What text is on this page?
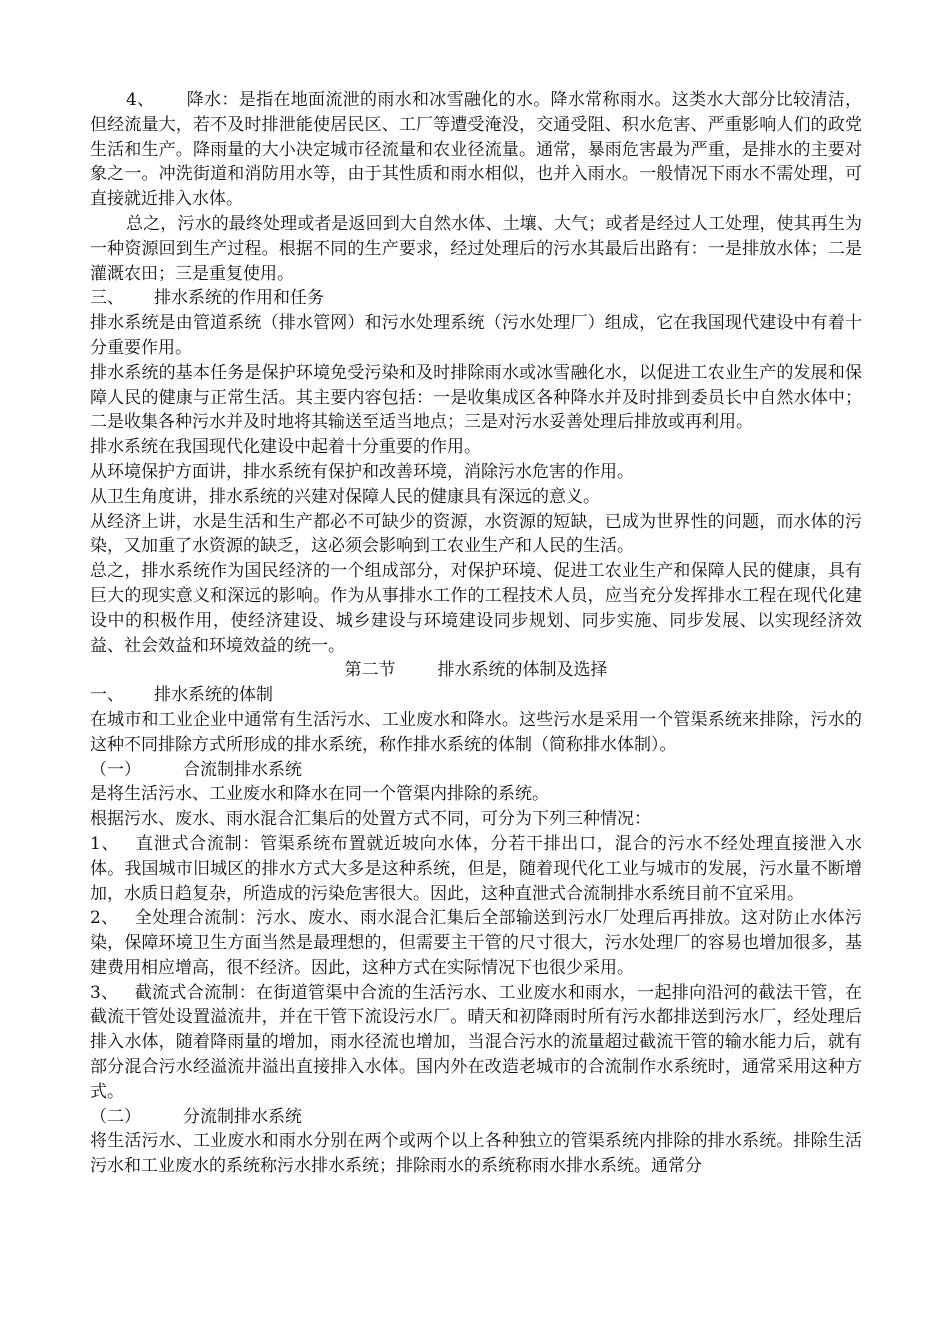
4、 降水：是指在地面流泄的雨水和冰雪融化的水。降水常称雨水。这类水大部分比较清洁，但经流量大，若不及时排泄能使居民区、工厂等遭受淹没，交通受阻、积水危害、严重影响人们的政党生活和生产。降雨量的大小决定城市径流量和农业径流量。通常，暴雨危害最为严重，是排水的主要对象之一。冲洗街道和消防用水等，由于其性质和雨水相似，也并入雨水。一般情况下雨水不需处理，可直接就近排入水体。

总之，污水的最终处理或者是返回到大自然水体、土壤、大气；或者是经过人工处理，使其再生为一种资源回到生产过程。根据不同的生产要求，经过处理后的污水其最后出路有：一是排放水体；二是灌溉农田；三是重复使用。

三、 排水系统的作用和任务

排水系统是由管道系统（排水管网）和污水处理系统（污水处理厂）组成，它在我国现代建设中有着十分重要作用。

排水系统的基本任务是保护环境免受污染和及时排除雨水或冰雪融化水，以促进工农业生产的发展和保障人民的健康与正常生活。其主要内容包括：一是收集成区各种降水并及时排到委员长中自然水体中；二是收集各种污水并及时地将其输送至适当地点；三是对污水妥善处理后排放或再利用。

排水系统在我国现代化建设中起着十分重要的作用。

从环境保护方面讲，排水系统有保护和改善环境，消除污水危害的作用。

从卫生角度讲，排水系统的兴建对保障人民的健康具有深远的意义。

从经济上讲，水是生活和生产都必不可缺少的资源，水资源的短缺，已成为世界性的问题，而水体的污染，又加重了水资源的缺乏，这必须会影响到工农业生产和人民的生活。

总之，排水系统作为国民经济的一个组成部分，对保护环境、促进工农业生产和保障人民的健康，具有巨大的现实意义和深远的影响。作为从事排水工作的工程技术人员，应当充分发挥排水工程在现代化建设中的积极作用，使经济建设、城乡建设与环境建设同步规划、同步实施、同步发展、以实现经济效益、社会效益和环境效益的统一。

第二节 排水系统的体制及选择

一、 排水系统的体制

在城市和工业企业中通常有生活污水、工业废水和降水。这些污水是采用一个管渠系统来排除，污水的这种不同排除方式所形成的排水系统，称作排水系统的体制（简称排水体制）。

（一） 合流制排水系统

是将生活污水、工业废水和降水在同一个管渠内排除的系统。

根据污水、废水、雨水混合汇集后的处置方式不同，可分为下列三种情况：

1、 直泄式合流制：管渠系统布置就近坡向水体，分若干排出口，混合的污水不经处理直接泄入水体。我国城市旧城区的排水方式大多是这种系统，但是，随着现代化工业与城市的发展，污水量不断增加，水质日趋复杂，所造成的污染危害很大。因此，这种直泄式合流制排水系统目前不宜采用。

2、 全处理合流制：污水、废水、雨水混合汇集后全部输送到污水厂处理后再排放。这对防止水体污染，保障环境卫生方面当然是最理想的，但需要主干管的尺寸很大，污水处理厂的容易也增加很多，基建费用相应增高，很不经济。因此，这种方式在实际情况下也很少采用。

3、 截流式合流制：在街道管渠中合流的生活污水、工业废水和雨水，一起排向沿河的截法干管，在截流干管处设置溢流井，并在干管下流设污水厂。晴天和初降雨时所有污水都排送到污水厂，经处理后排入水体，随着降雨量的增加，雨水径流也增加，当混合污水的流量超过截流干管的输水能力后，就有部分混合污水经溢流井溢出直接排入水体。国内外在改造老城市的合流制作水系统时，通常采用这种方式。

（二） 分流制排水系统

将生活污水、工业废水和雨水分别在两个或两个以上各种独立的管渠系统内排除的排水系统。排除生活污水和工业废水的系统称污水排水系统；排除雨水的系统称雨水排水系统。通常分
